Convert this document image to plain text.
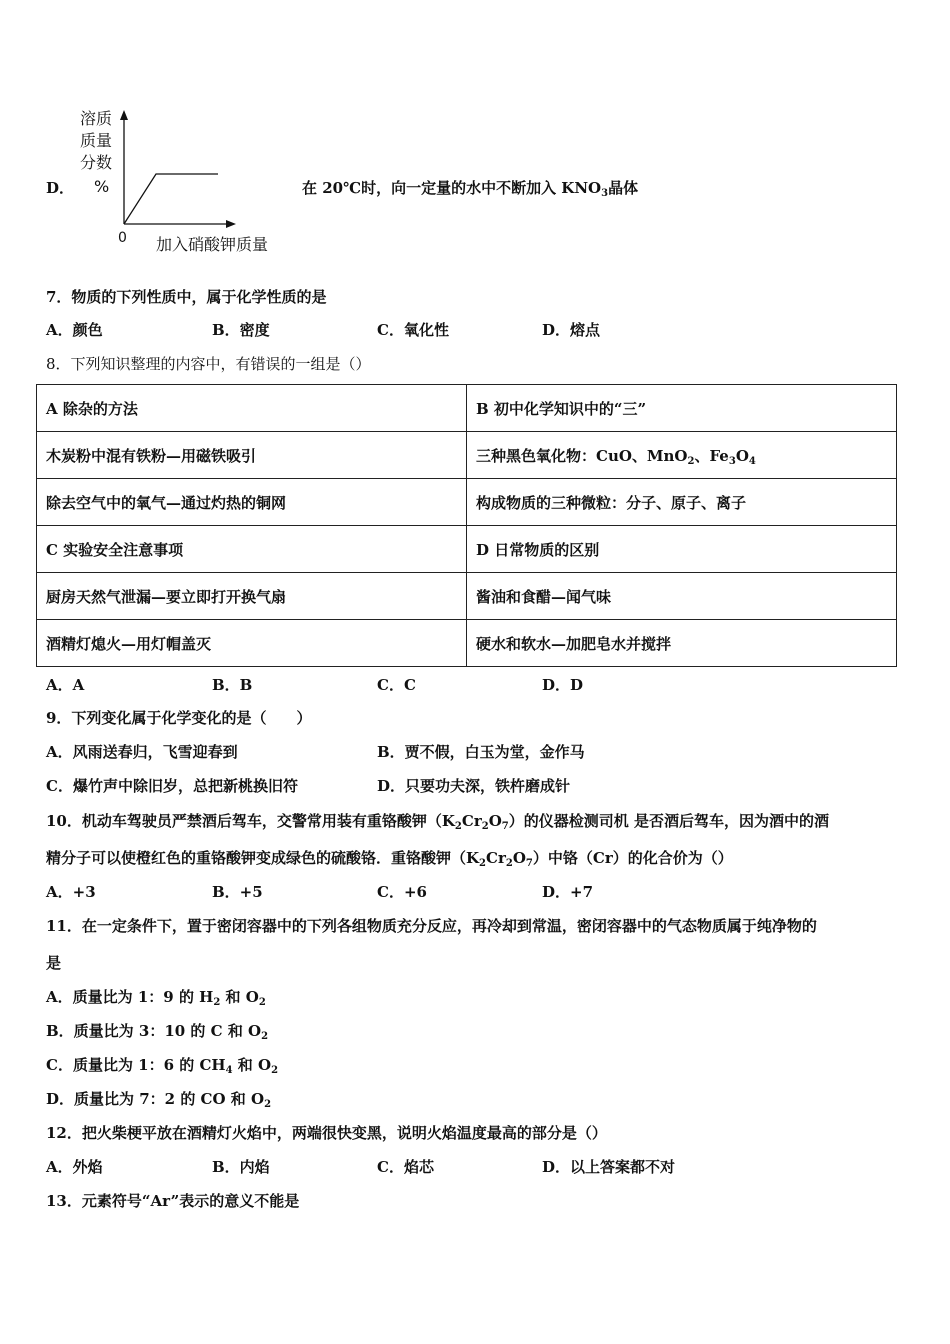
D．
溶质
质量
分数
%
0 加入硝酸钾质量
在 20℃时，向一定量的水中不断加入 $KNO_3$晶体
7．物质的下列性质中，属于化学性质的是
A．颜色	B．密度	C．氧化性	D．熔点
8．下列知识整理的内容中，有错误的一组是（）
A 除杂的方法	B 初中化学知识中的“三”
木炭粉中混有铁粉—用磁铁吸引	三种黑色氧化物：CuO、MnO$_2$、$Fe_3O_4$
除去空气中的氧气—通过灼热的铜网	构成物质的三种微粒：分子、原子、离子
C 实验安全注意事项	D 日常物质的区别
厨房天然气泄漏—要立即打开换气扇	酱油和食醋—闻气味
酒精灯熄火—用灯帽盖灭	硬水和软水—加肥皂水并搅拌
A．A	B．B	C．C	D．D
9．下列变化属于化学变化的是（　　）
A．风雨送春归，飞雪迎春到	B．贾不假，白玉为堂，金作马
C．爆竹声中除旧岁，总把新桃换旧符	D．只要功夫深，铁杵磨成针
10．机动车驾驶员严禁酒后驾车，交警常用装有重铬酸钾$(K_2Cr_2O_7)$的仪器检测司机 是否酒后驾车，因为酒中的酒
精分子可以使橙红色的重铬酸钾变成绿色的硫酸铬．重铬酸钾$(K_2Cr_2O_7)$中铬（Cr）的化合价为（）
A．+3	B．+5	C．+6	D．+7
11．在一定条件下，置于密闭容器中的下列各组物质充分反应，再冷却到常温，密闭容器中的气态物质属于纯净物的
是
A．质量比为 1：9 的 $H_2$ 和 $O_2$
B．质量比为 3：10 的 C 和 $O_2$
C．质量比为 1：6 的 $CH_4$ 和 $O_2$
D．质量比为 7：2 的 CO 和 $O_2$
12．把火柴梗平放在酒精灯火焰中，两端很快变黑，说明火焰温度最高的部分是（）
A．外焰	B．内焰	C．焰芯	D．以上答案都不对
13．元素符号“Ar”表示的意义不能是
